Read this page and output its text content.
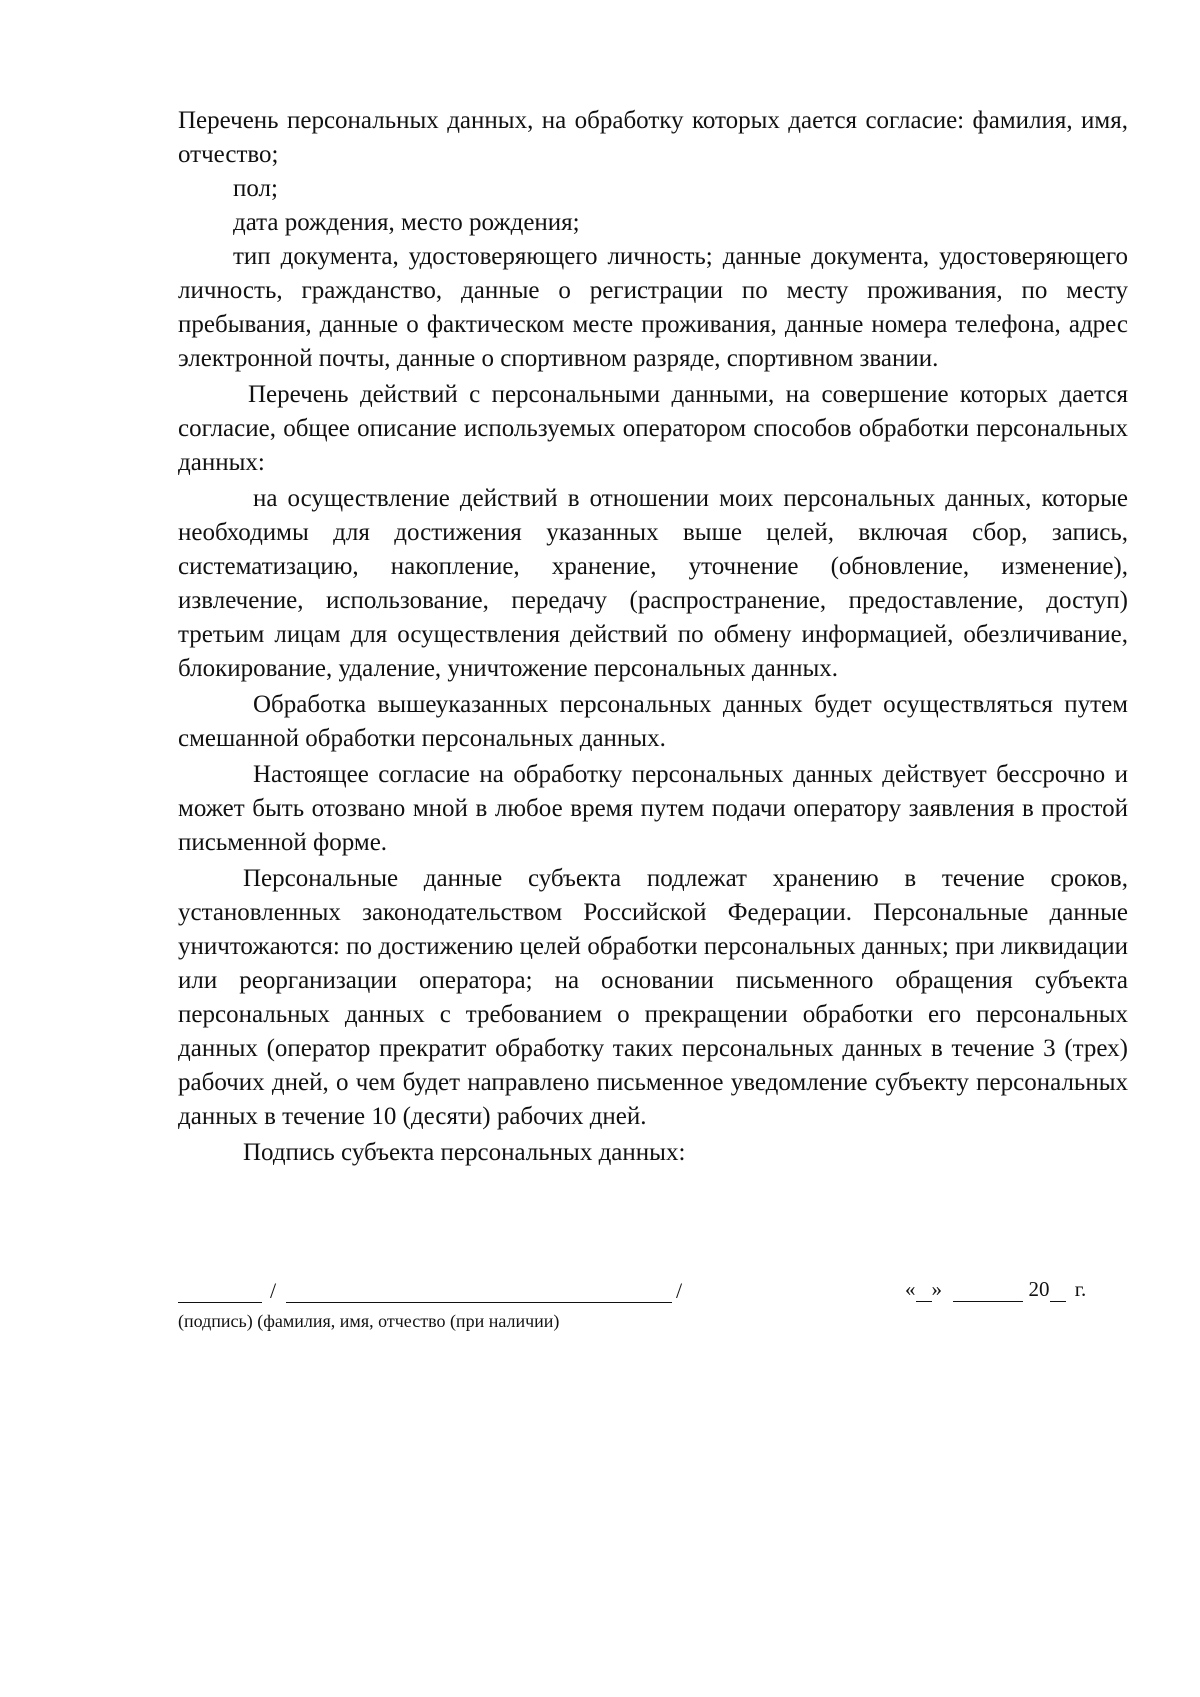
Перечень персональных данных, на обработку которых дается согласие: фамилия, имя, отчество;

пол;

дата рождения, место рождения;

тип документа, удостоверяющего личность; данные документа, удостоверяющего личность, гражданство, данные о регистрации по месту проживания, по месту пребывания, данные о фактическом месте проживания, данные номера телефона, адрес электронной почты, данные о спортивном разряде, спортивном звании.

Перечень действий с персональными данными, на совершение которых дается согласие, общее описание используемых оператором способов обработки персональных данных:

на осуществление действий в отношении моих персональных данных, которые необходимы для достижения указанных выше целей, включая сбор, запись, систематизацию, накопление, хранение, уточнение (обновление, изменение), извлечение, использование, передачу (распространение, предоставление, доступ) третьим лицам для осуществления действий по обмену информацией, обезличивание, блокирование, удаление, уничтожение персональных данных.

Обработка вышеуказанных персональных данных будет осуществляться путем смешанной обработки персональных данных.

Настоящее согласие на обработку персональных данных действует бессрочно и может быть отозвано мной в любое время путем подачи оператору заявления в простой письменной форме.

Персональные данные субъекта подлежат хранению в течение сроков, установленных законодательством Российской Федерации. Персональные данные уничтожаются: по достижению целей обработки персональных данных; при ликвидации или реорганизации оператора; на основании письменного обращения субъекта персональных данных с требованием о прекращении обработки его персональных данных (оператор прекратит обработку таких персональных данных в течение 3 (трех) рабочих дней, о чем будет направлено письменное уведомление субъекту персональных данных в течение 10 (десяти) рабочих дней.

Подпись субъекта персональных данных:

/	/
(подпись) (фамилия, имя, отчество (при наличии)
« »	20 г.
